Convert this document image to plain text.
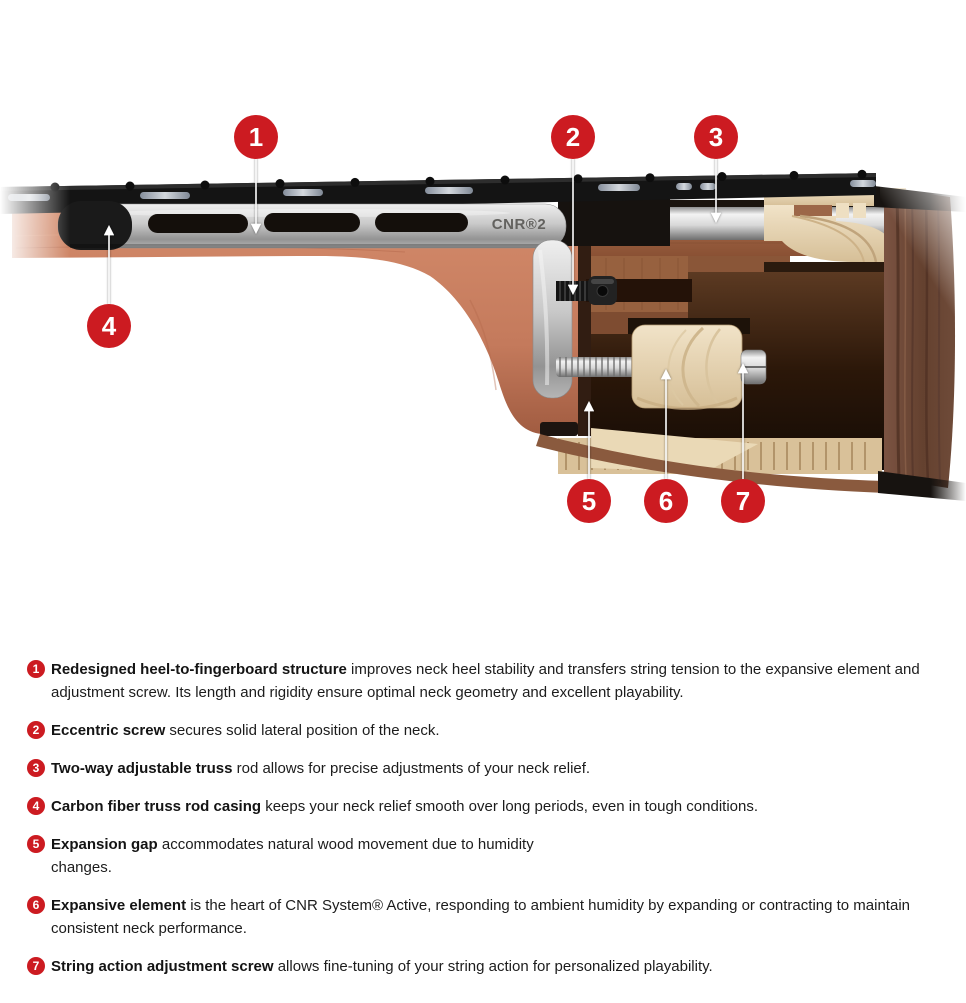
CNR®2
1	2	3
4
5	6	7
1 Redesigned heel-to-fingerboard structure improves neck heel stability and transfers string tension to the expansive element and adjustment screw. Its length and rigidity ensure optimal neck geometry and excellent playability.

2 Eccentric screw secures solid lateral position of the neck.

3 Two-way adjustable truss rod allows for precise adjustments of your neck relief.

4 Carbon fiber truss rod casing keeps your neck relief smooth over long periods, even in tough conditions.

5 Expansion gap accommodates natural wood movement due to humidity
changes.

6 Expansive element is the heart of CNR System® Active, responding to ambient humidity by expanding or contracting to maintain consistent neck performance.

7 String action adjustment screw allows fine-tuning of your string action for personalized playability.
